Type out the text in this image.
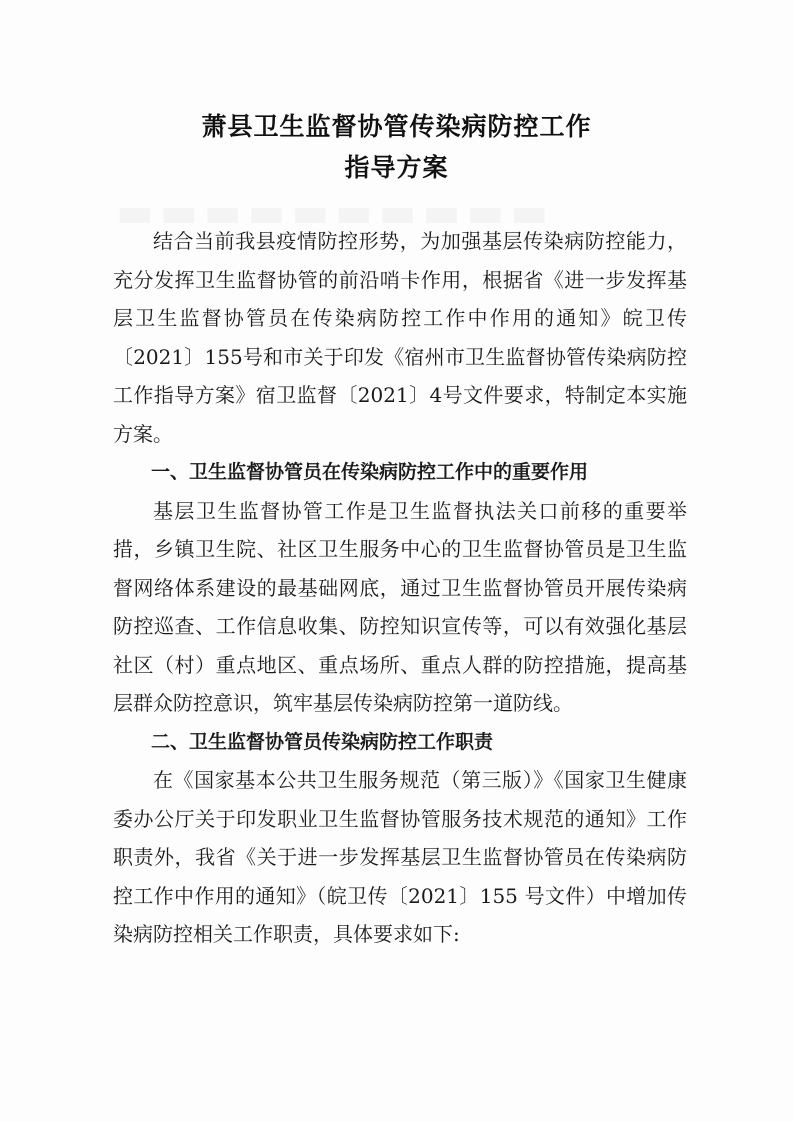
萧县卫生监督协管传染病防控工作
指导方案

结合当前我县疫情防控形势，为加强基层传染病防控能力，充分发挥卫生监督协管的前沿哨卡作用，根据省《进一步发挥基层卫生监督协管员在传染病防控工作中作用的通知》皖卫传〔2021〕155号和市关于印发《宿州市卫生监督协管传染病防控工作指导方案》宿卫监督〔2021〕4号文件要求，特制定本实施方案。

一、卫生监督协管员在传染病防控工作中的重要作用

基层卫生监督协管工作是卫生监督执法关口前移的重要举措，乡镇卫生院、社区卫生服务中心的卫生监督协管员是卫生监督网络体系建设的最基础网底，通过卫生监督协管员开展传染病防控巡查、工作信息收集、防控知识宣传等，可以有效强化基层社区（村）重点地区、重点场所、重点人群的防控措施，提高基层群众防控意识，筑牢基层传染病防控第一道防线。

二、卫生监督协管员传染病防控工作职责

在《国家基本公共卫生服务规范（第三版）》《国家卫生健康委办公厅关于印发职业卫生监督协管服务技术规范的通知》工作职责外，我省《关于进一步发挥基层卫生监督协管员在传染病防控工作中作用的通知》（皖卫传〔2021〕155 号文件）中增加传染病防控相关工作职责，具体要求如下:
